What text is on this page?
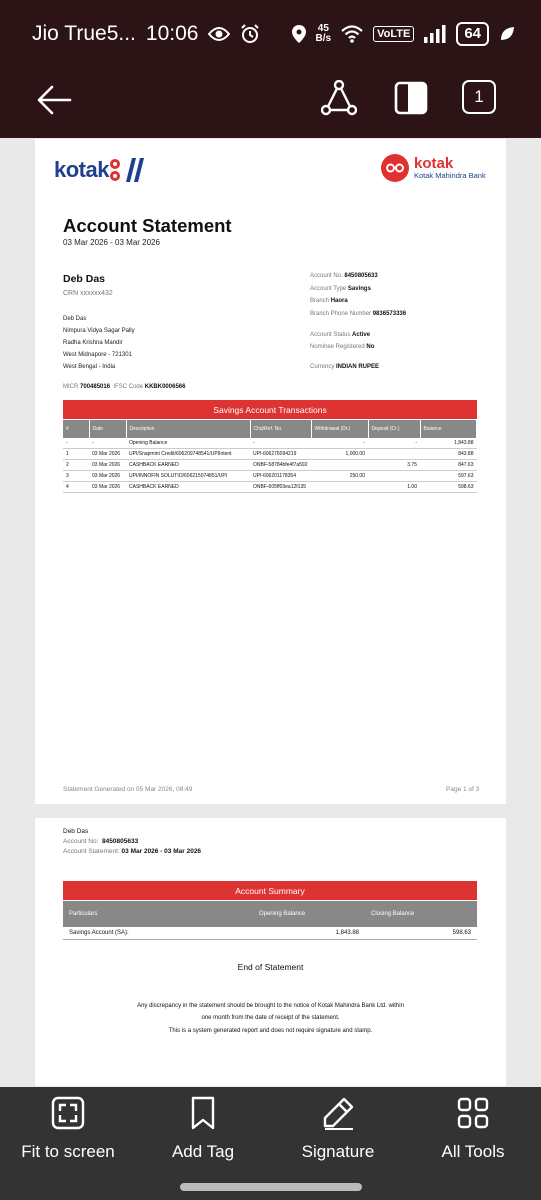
Jio True5... 10:06	45
B/s	VoLTE	64
1
kotak	kotak
Kotak Mahindra Bank
Account Statement
03 Mar 2026 - 03 Mar 2026
Deb Das
CRN xxxxxx432
Deb Das
Nimpura Vidya Sagar Pally
Radha Krishna Mandir
West Midnapore - 721301
West Bengal - India
MICR 700485016 IFSC Code KKBK0006566
Account No. 8450805633
Account Type Savings
Branch Haora
Branch Phone Number 9836573336
Account Status Active
Nominee Registered No
Currency INDIAN RUPEE
Savings Account Transactions
#	Date	Description	Chq/Ref. No.	Withdrawal (Dr.)	Deposit (Cr.)	Balance
-	-	Opening Balance	-	-	-	1,843.88
1	03 Mar 2026	UPI/Snapmint Credit/606209748541/UPIIntent	UPI-606276094219	1,000.00		843.88
2	03 Mar 2026	CASHBACK EARNED	ONBF-58784bfe4f7a592		3.75	847.63
3	03 Mar 2026	UPI/INNOFIN SOLUTIO/606215074851/UPI	UPI-606201178354	250.00		597.63
4	03 Mar 2026	CASHBACK EARNED	ONBF-605ff03ea12f135		1.00	598.63
Statement Generated on 05 Mar 2026, 08:49	Page 1 of 3
Deb Das
Account No:  8450805633
Account Statement: 03 Mar 2026 - 03 Mar 2026
Account Summary
Particulars	Opening Balance	Closing Balance
Savings Account (SA):	1,843.88	598.63
End of Statement
Any discrepancy in the statement should be brought to the notice of Kotak Mahindra Bank Ltd. within
one month from the date of receipt of the statement.
This is a system generated report and does not require signature and stamp.
Fit to screen	Add Tag	Signature	All Tools
